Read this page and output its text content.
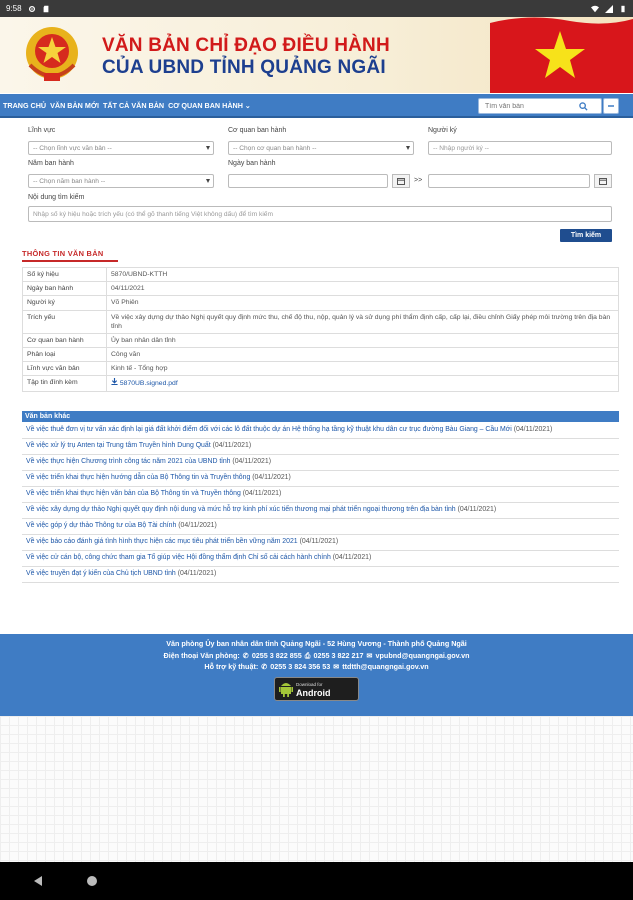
9:58
VĂN BẢN CHỈ ĐẠO ĐIỀU HÀNH
CỦA UBND TỈNH QUẢNG NGÃI
TRANG CHỦ VĂN BẢN MỚI TẤT CẢ VĂN BẢN CƠ QUAN BAN HÀNH ⌄
Tìm văn bản
Lĩnh vực
-- Chọn lĩnh vực văn bản --
Cơ quan ban hành
-- Chọn cơ quan ban hành --
Người ký
-- Nhập người ký --
Năm ban hành
-- Chọn năm ban hành --
Ngày ban hành
>>
Nội dung tìm kiếm
Nhập số ký hiệu hoặc trích yếu (có thể gõ thanh tiếng Việt không dấu) để tìm kiếm
Tìm kiếm
THÔNG TIN VĂN BẢN
Số ký hiệu	5870/UBND-KTTH
Ngày ban hành	04/11/2021
Người ký	Võ Phiên
Trích yếu	Về việc xây dựng dự thảo Nghị quyết quy định mức thu, chế độ thu, nộp, quản lý và sử dụng phí thẩm định cấp, cấp lại, điều chỉnh Giấy phép môi trường trên địa bàn tỉnh
Cơ quan ban hành	Ủy ban nhân dân tỉnh
Phân loại	Công văn
Lĩnh vực văn bản	Kinh tế - Tổng hợp
Tập tin đính kèm	5870UB.signed.pdf
Văn bản khác
Về việc thuê đơn vị tư vấn xác định lại giá đất khởi điểm đối với các lô đất thuộc dự án Hệ thống hạ tầng kỹ thuật khu dân cư trục đường Bàu Giang – Cầu Mới (04/11/2021)
Về việc xử lý trụ Anten tại Trung tâm Truyền hình Dung Quất (04/11/2021)
Về việc thực hiện Chương trình công tác năm 2021 của UBND tỉnh (04/11/2021)
Về việc triển khai thực hiện hướng dẫn của Bộ Thông tin và Truyền thông (04/11/2021)
Về việc triển khai thực hiện văn bản của Bộ Thông tin và Truyền thông (04/11/2021)
Về việc xây dựng dự thảo Nghị quyết quy định nội dung và mức hỗ trợ kinh phí xúc tiến thương mại phát triển ngoại thương trên địa bàn tỉnh (04/11/2021)
Về việc góp ý dự thảo Thông tư của Bộ Tài chính (04/11/2021)
Về việc báo cáo đánh giá tình hình thực hiện các mục tiêu phát triển bền vững năm 2021 (04/11/2021)
Về việc cử cán bộ, công chức tham gia Tổ giúp việc Hội đồng thẩm định Chỉ số cải cách hành chính (04/11/2021)
Về việc truyền đạt ý kiến của Chủ tịch UBND tỉnh (04/11/2021)
Văn phòng Ủy ban nhân dân tỉnh Quảng Ngãi - 52 Hùng Vương - Thành phố Quảng Ngãi
Điện thoại Văn phòng: ✆ 0255 3 822 855 ⎙ 0255 3 822 217 ✉ vpubnd@quangngai.gov.vn
Hỗ trợ kỹ thuật: ✆ 0255 3 824 356 53 ✉ ttdtth@quangngai.gov.vn
Download for
Android
